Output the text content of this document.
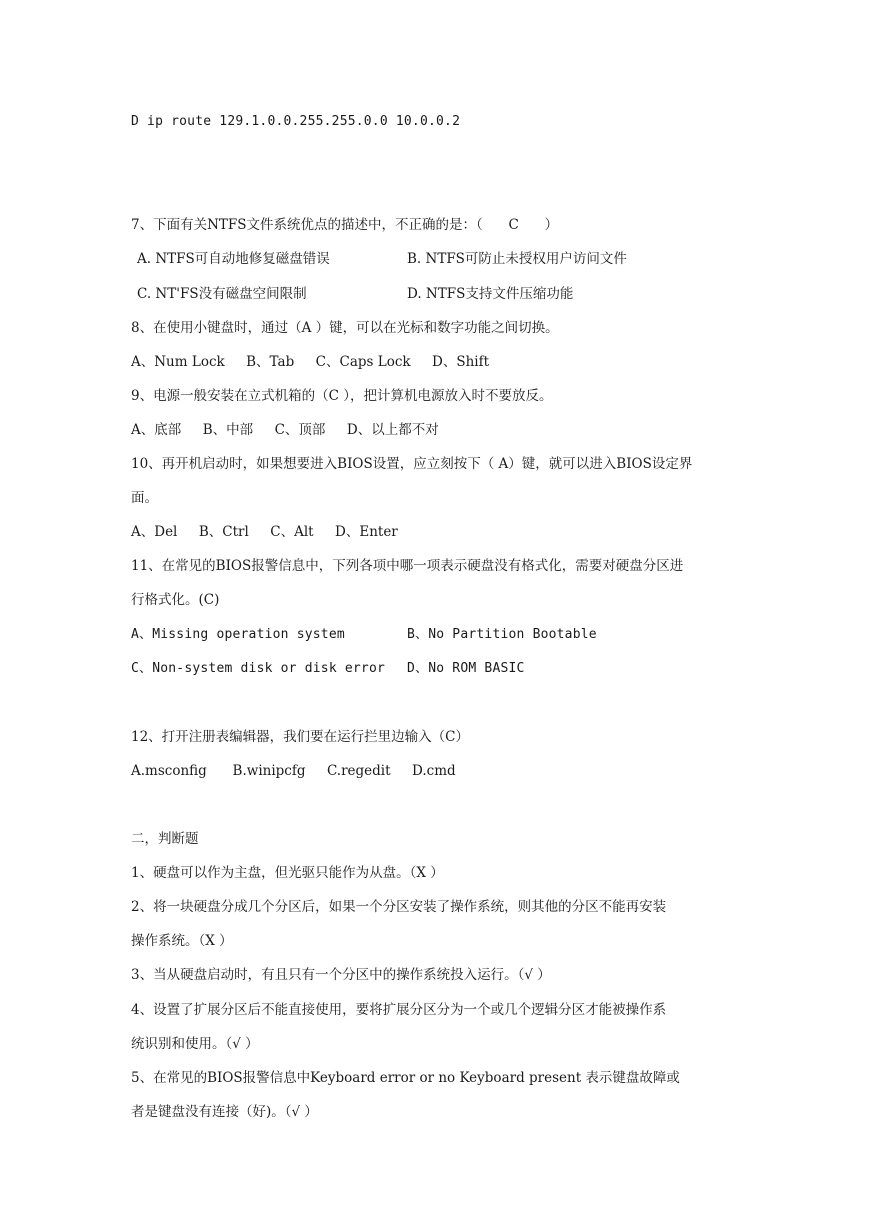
D ip route 129.1.0.0.255.255.0.0 10.0.0.2

7、下面有关NTFS文件系统优点的描述中，不正确的是：（      C      ）

A. NTFS可自动地修复磁盘错误	B. NTFS可防止未授权用户访问文件

C. NT'FS没有磁盘空间限制	D. NTFS支持文件压缩功能

8、在使用小键盘时，通过（A ）键，可以在光标和数字功能之间切换。

A、Num Lock     B、Tab     C、Caps Lock     D、Shift

9、电源一般安装在立式机箱的（C ），把计算机电源放入时不要放反。

A、底部     B、中部     C、顶部     D、以上都不对

10、再开机启动时，如果想要进入BIOS设置，应立刻按下（ A）键，就可以进入BIOS设定界

面。

A、Del     B、Ctrl     C、Alt     D、Enter

11、在常见的BIOS报警信息中，下列各项中哪一项表示硬盘没有格式化，需要对硬盘分区进

行格式化。(C)

A、Missing operation system	B、No Partition Bootable

C、Non-system disk or disk error D、No ROM BASIC

12、打开注册表编辑器，我们要在运行拦里边输入（C）

A.msconfig      B.winipcfg     C.regedit     D.cmd

二，判断题

1、硬盘可以作为主盘，但光驱只能作为从盘。（X ）

2、将一块硬盘分成几个分区后，如果一个分区安装了操作系统，则其他的分区不能再安装

操作系统。（X ）

3、当从硬盘启动时，有且只有一个分区中的操作系统投入运行。（√ ）

4、设置了扩展分区后不能直接使用，要将扩展分区分为一个或几个逻辑分区才能被操作系

统识别和使用。（√ ）

5、在常见的BIOS报警信息中Keyboard error or no Keyboard present 表示键盘故障或

者是键盘没有连接（好)。（√ ）
